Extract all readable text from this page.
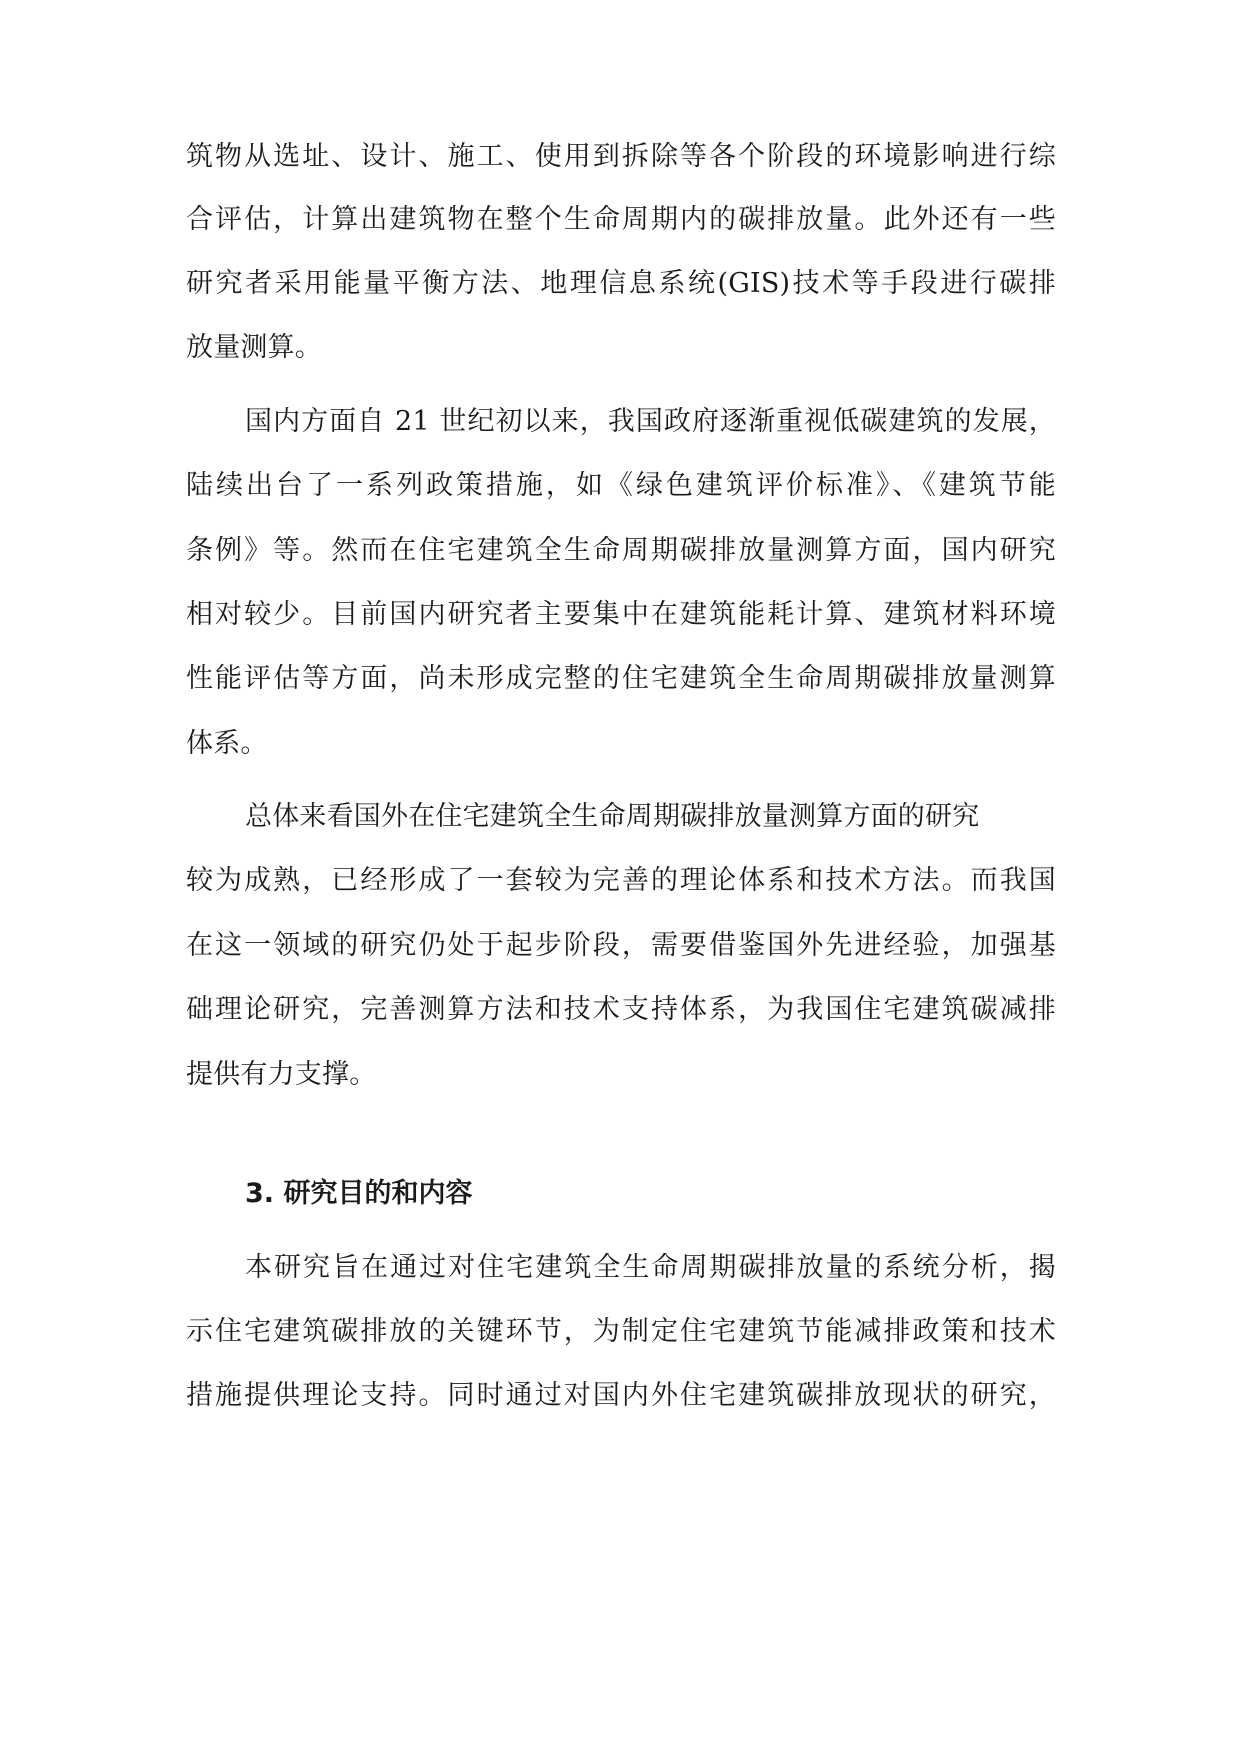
筑物从选址、设计、施工、使用到拆除等各个阶段的环境影响进行综
合评估，计算出建筑物在整个生命周期内的碳排放量。此外还有一些
研究者采用能量平衡方法、地理信息系统(GIS)技术等手段进行碳排
放量测算。
国内方面自 21 世纪初以来，我国政府逐渐重视低碳建筑的发展，
陆续出台了一系列政策措施，如《绿色建筑评价标准》、《建筑节能
条例》等。然而在住宅建筑全生命周期碳排放量测算方面，国内研究
相对较少。目前国内研究者主要集中在建筑能耗计算、建筑材料环境
性能评估等方面，尚未形成完整的住宅建筑全生命周期碳排放量测算
体系。
总体来看国外在住宅建筑全生命周期碳排放量测算方面的研究
较为成熟，已经形成了一套较为完善的理论体系和技术方法。而我国
在这一领域的研究仍处于起步阶段，需要借鉴国外先进经验，加强基
础理论研究，完善测算方法和技术支持体系，为我国住宅建筑碳减排
提供有力支撑。
3. 研究目的和内容
本研究旨在通过对住宅建筑全生命周期碳排放量的系统分析，揭
示住宅建筑碳排放的关键环节，为制定住宅建筑节能减排政策和技术
措施提供理论支持。同时通过对国内外住宅建筑碳排放现状的研究，
